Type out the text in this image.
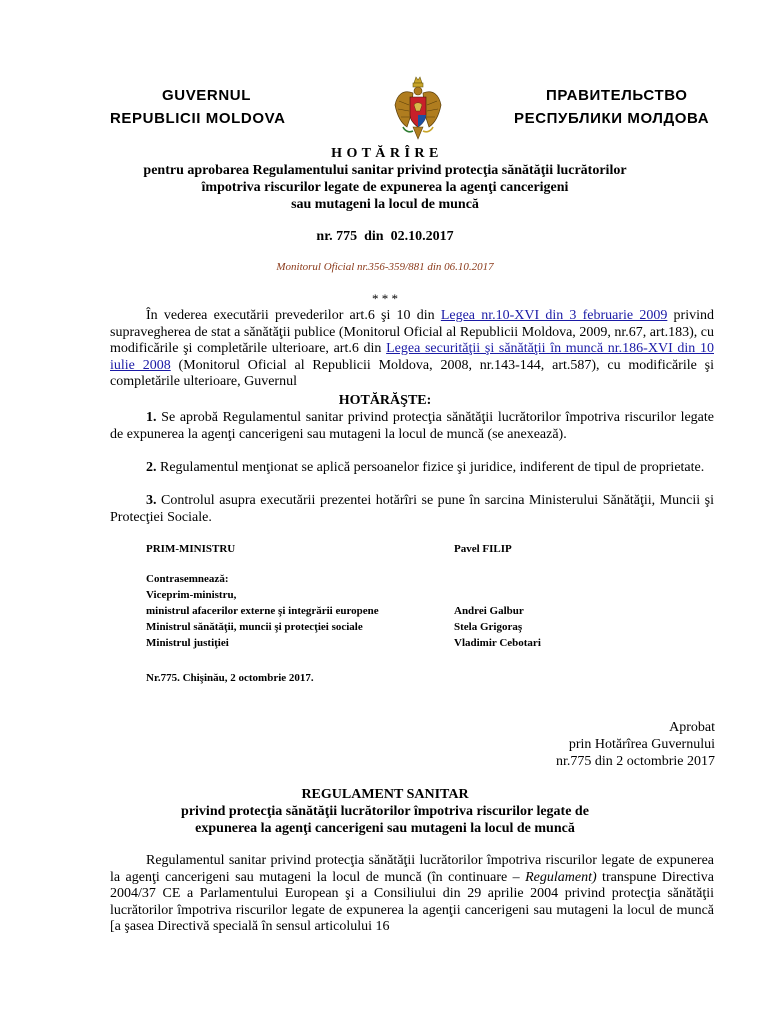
GUVERNUL
REPUBLICII MOLDOVA
ПРАВИТЕЛЬСТВО
РЕСПУБЛИКИ МОЛДОВА
H O T Ă R Î R E
pentru aprobarea Regulamentului sanitar privind protecţia sănătăţii lucrătorilor
împotriva riscurilor legate de expunerea la agenţi cancerigeni
sau mutageni la locul de muncă
nr. 775  din  02.10.2017
Monitorul Oficial nr.356-359/881 din 06.10.2017
* * *
În vederea executării prevederilor art.6 şi 10 din Legea nr.10-XVI din 3 februarie 2009 privind supravegherea de stat a sănătăţii publice (Monitorul Oficial al Republicii Moldova, 2009, nr.67, art.183), cu modificările şi completările ulterioare, art.6 din Legea securităţii şi sănătăţii în muncă nr.186-XVI din 10 iulie 2008 (Monitorul Oficial al Republicii Moldova, 2008, nr.143-144, art.587), cu modificările şi completările ulterioare, Guvernul
HOTĂRĂŞTE:
1. Se aprobă Regulamentul sanitar privind protecţia sănătăţii lucrătorilor împotriva riscurilor legate de expunerea la agenţi cancerigeni sau mutageni la locul de muncă (se anexează).
2. Regulamentul menţionat se aplică persoanelor fizice şi juridice, indiferent de tipul de proprietate.
3. Controlul asupra executării prezentei hotărîri se pune în sarcina Ministerului Sănătăţii, Muncii şi Protecţiei Sociale.
PRIM-MINISTRU	Pavel FILIP
Contrasemnează:
Viceprim-ministru,
ministrul afacerilor externe şi integrării europene	Andrei Galbur
Ministrul sănătăţii, muncii şi protecţiei sociale	Stela Grigoraş
Ministrul justiţiei	Vladimir Cebotari
Nr.775. Chişinău, 2 octombrie 2017.
Aprobat
prin Hotărîrea Guvernului
nr.775 din 2 octombrie 2017
REGULAMENT SANITAR
privind protecţia sănătăţii lucrătorilor împotriva riscurilor legate de
expunerea la agenţi cancerigeni sau mutageni la locul de muncă
Regulamentul sanitar privind protecţia sănătăţii lucrătorilor împotriva riscurilor legate de expunerea la agenţi cancerigeni sau mutageni la locul de muncă (în continuare – Regulament) transpune Directiva 2004/37 CE a Parlamentului European şi a Consiliului din 29 aprilie 2004 privind protecţia sănătăţii lucrătorilor împotriva riscurilor legate de expunerea la agenţii cancerigeni sau mutageni la locul de muncă [a şasea Directivă specială în sensul articolului 16
